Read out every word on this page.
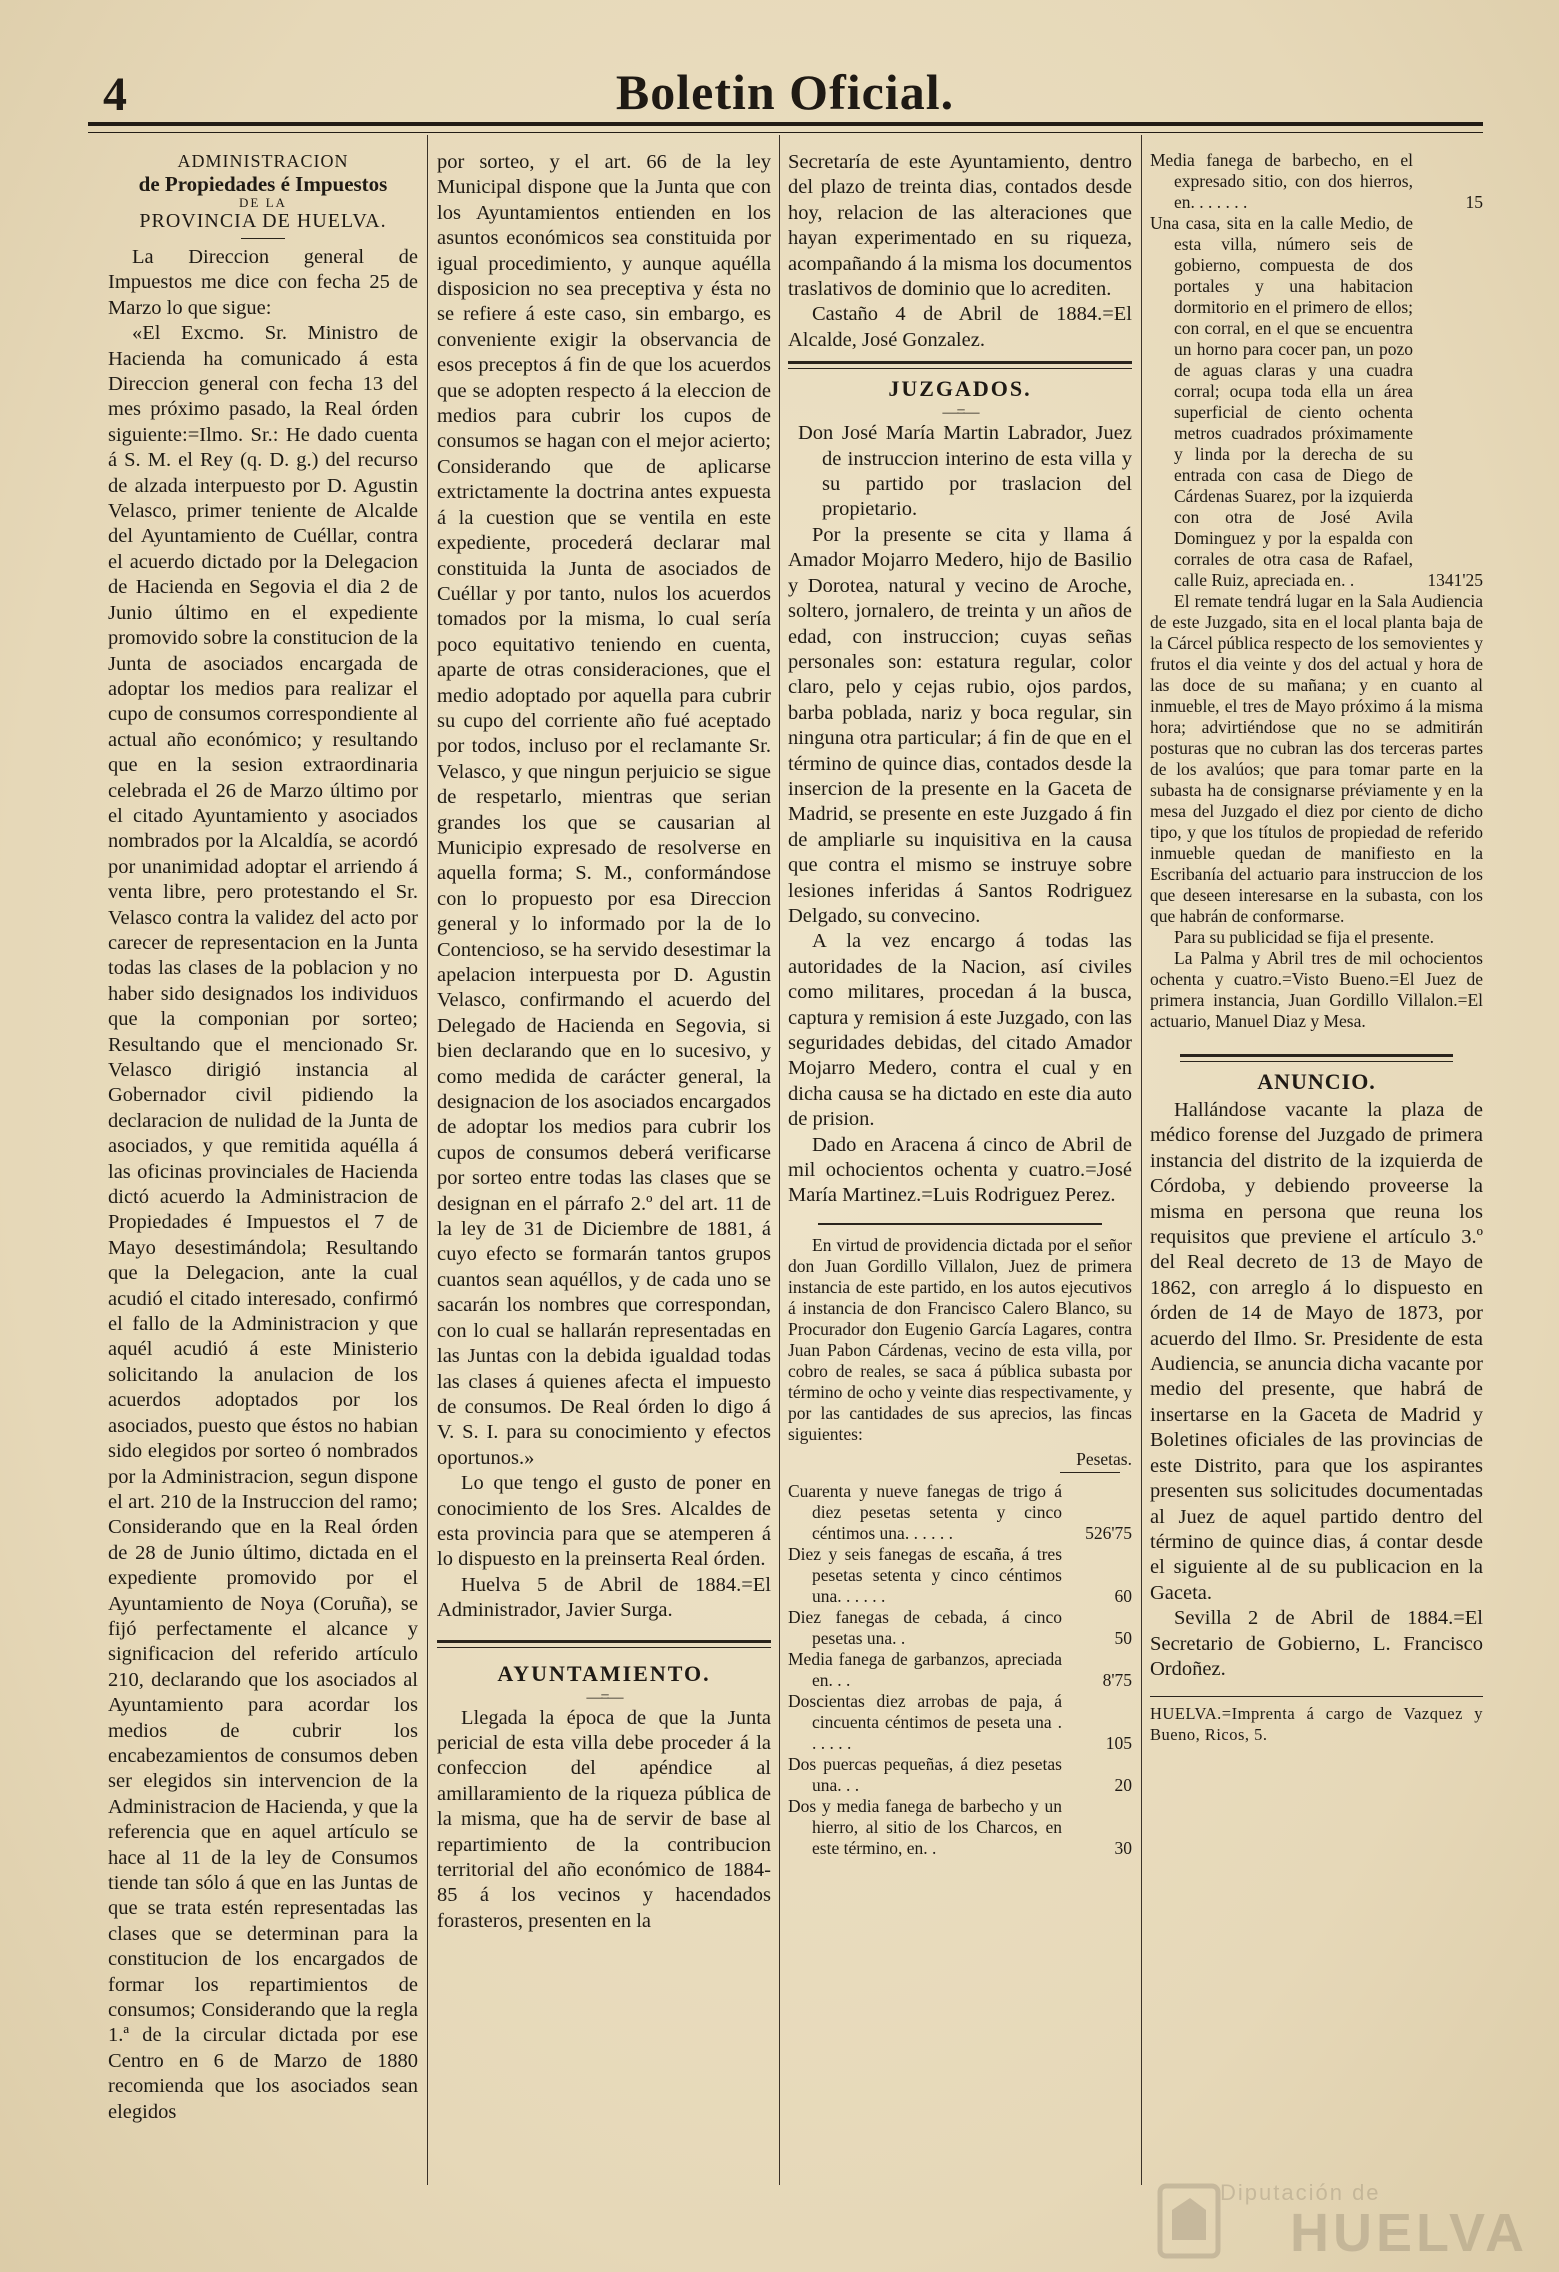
4	Boletin Oficial.
ADMINISTRACION
de Propiedades é Impuestos
DE LA
PROVINCIA DE HUELVA.

La Direccion general de Impuestos me dice con fecha 25 de Marzo lo que sigue:

«El Excmo. Sr. Ministro de Hacienda ha comunicado á esta Direccion general con fecha 13 del mes próximo pasado, la Real órden siguiente:=Ilmo. Sr.: He dado cuenta á S. M. el Rey (q. D. g.) del recurso de alzada interpuesto por D. Agustin Velasco, primer teniente de Alcalde del Ayuntamiento de Cuéllar, contra el acuerdo dictado por la Delegacion de Hacienda en Segovia el dia 2 de Junio último en el expediente promovido sobre la constitucion de la Junta de asociados encargada de adoptar los medios para realizar el cupo de consumos correspondiente al actual año económico; y resultando que en la sesion extraordinaria celebrada el 26 de Marzo último por el citado Ayuntamiento y asociados nombrados por la Alcaldía, se acordó por unanimidad adoptar el arriendo á venta libre, pero protestando el Sr. Velasco contra la validez del acto por carecer de representacion en la Junta todas las clases de la poblacion y no haber sido designados los individuos que la componian por sorteo; Resultando que el mencionado Sr. Velasco dirigió instancia al Gobernador civil pidiendo la declaracion de nulidad de la Junta de asociados, y que remitida aquélla á las oficinas provinciales de Hacienda dictó acuerdo la Administracion de Propiedades é Impuestos el 7 de Mayo desestimándola; Resultando que la Delegacion, ante la cual acudió el citado interesado, confirmó el fallo de la Administracion y que aquél acudió á este Ministerio solicitando la anulacion de los acuerdos adoptados por los asociados, puesto que éstos no habian sido elegidos por sorteo ó nombrados por la Administracion, segun dispone el art. 210 de la Instruccion del ramo; Considerando que en la Real órden de 28 de Junio último, dictada en el expediente promovido por el Ayuntamiento de Noya (Coruña), se fijó perfectamente el alcance y significacion del referido artículo 210, declarando que los asociados al Ayuntamiento para acordar los medios de cubrir los encabezamientos de consumos deben ser elegidos sin intervencion de la Administracion de Hacienda, y que la referencia que en aquel artículo se hace al 11 de la ley de Consumos tiende tan sólo á que en las Juntas de que se trata estén representadas las clases que se determinan para la constitucion de los encargados de formar los repartimientos de consumos; Considerando que la regla 1.ª de la circular dictada por ese Centro en 6 de Marzo de 1880 recomienda que los asociados sean elegidos

por sorteo, y el art. 66 de la ley Municipal dispone que la Junta que con los Ayuntamientos entienden en los asuntos económicos sea constituida por igual procedimiento, y aunque aquélla disposicion no sea preceptiva y ésta no se refiere á este caso, sin embargo, es conveniente exigir la observancia de esos preceptos á fin de que los acuerdos que se adopten respecto á la eleccion de medios para cubrir los cupos de consumos se hagan con el mejor acierto; Considerando que de aplicarse extrictamente la doctrina antes expuesta á la cuestion que se ventila en este expediente, procederá declarar mal constituida la Junta de asociados de Cuéllar y por tanto, nulos los acuerdos tomados por la misma, lo cual sería poco equitativo teniendo en cuenta, aparte de otras consideraciones, que el medio adoptado por aquella para cubrir su cupo del corriente año fué aceptado por todos, incluso por el reclamante Sr. Velasco, y que ningun perjuicio se sigue de respetarlo, mientras que serian grandes los que se causarian al Municipio expresado de resolverse en aquella forma; S. M., conformándose con lo propuesto por esa Direccion general y lo informado por la de lo Contencioso, se ha servido desestimar la apelacion interpuesta por D. Agustin Velasco, confirmando el acuerdo del Delegado de Hacienda en Segovia, si bien declarando que en lo sucesivo, y como medida de carácter general, la designacion de los asociados encargados de adoptar los medios para cubrir los cupos de consumos deberá verificarse por sorteo entre todas las clases que se designan en el párrafo 2.º del art. 11 de la ley de 31 de Diciembre de 1881, á cuyo efecto se formarán tantos grupos cuantos sean aquéllos, y de cada uno se sacarán los nombres que correspondan, con lo cual se hallarán representadas en las Juntas con la debida igualdad todas las clases á quienes afecta el impuesto de consumos. De Real órden lo digo á V. S. I. para su conocimiento y efectos oportunos.»

Lo que tengo el gusto de poner en conocimiento de los Sres. Alcaldes de esta provincia para que se atemperen á lo dispuesto en la preinserta Real órden.

Huelva 5 de Abril de 1884.=El Administrador, Javier Surga.

AYUNTAMIENTO.
—=—

Llegada la época de que la Junta pericial de esta villa debe proceder á la confeccion del apéndice al amillaramiento de la riqueza pública de la misma, que ha de servir de base al repartimiento de la contribucion territorial del año económico de 1884-85 á los vecinos y hacendados forasteros, presenten en la

Secretaría de este Ayuntamiento, dentro del plazo de treinta dias, contados desde hoy, relacion de las alteraciones que hayan experimentado en su riqueza, acompañando á la misma los documentos traslativos de dominio que lo acrediten.

Castaño 4 de Abril de 1884.=El Alcalde, José Gonzalez.

JUZGADOS.
—=—

Don José María Martin Labrador, Juez de instruccion interino de esta villa y su partido por traslacion del propietario.

Por la presente se cita y llama á Amador Mojarro Medero, hijo de Basilio y Dorotea, natural y vecino de Aroche, soltero, jornalero, de treinta y un años de edad, con instruccion; cuyas señas personales son: estatura regular, color claro, pelo y cejas rubio, ojos pardos, barba poblada, nariz y boca regular, sin ninguna otra particular; á fin de que en el término de quince dias, contados desde la insercion de la presente en la Gaceta de Madrid, se presente en este Juzgado á fin de ampliarle su inquisitiva en la causa que contra el mismo se instruye sobre lesiones inferidas á Santos Rodriguez Delgado, su convecino.

A la vez encargo á todas las autoridades de la Nacion, así civiles como militares, procedan á la busca, captura y remision á este Juzgado, con las seguridades debidas, del citado Amador Mojarro Medero, contra el cual y en dicha causa se ha dictado en este dia auto de prision.

Dado en Aracena á cinco de Abril de mil ochocientos ochenta y cuatro.=José María Martinez.=Luis Rodriguez Perez.

En virtud de providencia dictada por el señor don Juan Gordillo Villalon, Juez de primera instancia de este partido, en los autos ejecutivos á instancia de don Francisco Calero Blanco, su Procurador don Eugenio García Lagares, contra Juan Pabon Cárdenas, vecino de esta villa, por cobro de reales, se saca á pública subasta por término de ocho y veinte dias respectivamente, y por las cantidades de sus aprecios, las fincas siguientes:

Pesetas.
Cuarenta y nueve fanegas de trigo á diez pesetas setenta y cinco céntimos una. . . . . .	526'75
Diez y seis fanegas de escaña, á tres pesetas setenta y cinco céntimos una. . . . . .	60
Diez fanegas de cebada, á cinco pesetas una. .	50
Media fanega de garbanzos, apreciada en. . .	8'75
Doscientas diez arrobas de paja, á cincuenta céntimos de peseta una . . . . . .	105
Dos puercas pequeñas, á diez pesetas una. . .	20
Dos y media fanega de barbecho y un hierro, al sitio de los Charcos, en este término, en. .	30
Media fanega de barbecho, en el expresado sitio, con dos hierros, en. . . . . . .	15
Una casa, sita en la calle Medio, de esta villa, número seis de gobierno, compuesta de dos portales y una habitacion dormitorio en el primero de ellos; con corral, en el que se encuentra un horno para cocer pan, un pozo de aguas claras y una cuadra corral; ocupa toda ella un área superficial de ciento ochenta metros cuadrados próximamente y linda por la derecha de su entrada con casa de Diego de Cárdenas Suarez, por la izquierda con otra de José Avila Dominguez y por la espalda con corrales de otra casa de Rafael, calle Ruiz, apreciada en. .	1341'25

El remate tendrá lugar en la Sala Audiencia de este Juzgado, sita en el local planta baja de la Cárcel pública respecto de los semovientes y frutos el dia veinte y dos del actual y hora de las doce de su mañana; y en cuanto al inmueble, el tres de Mayo próximo á la misma hora; advirtiéndose que no se admitirán posturas que no cubran las dos terceras partes de los avalúos; que para tomar parte en la subasta ha de consignarse préviamente y en la mesa del Juzgado el diez por ciento de dicho tipo, y que los títulos de propiedad de referido inmueble quedan de manifiesto en la Escribanía del actuario para instruccion de los que deseen interesarse en la subasta, con los que habrán de conformarse.

Para su publicidad se fija el presente.

La Palma y Abril tres de mil ochocientos ochenta y cuatro.=Visto Bueno.=El Juez de primera instancia, Juan Gordillo Villalon.=El actuario, Manuel Diaz y Mesa.

ANUNCIO.

Hallándose vacante la plaza de médico forense del Juzgado de primera instancia del distrito de la izquierda de Córdoba, y debiendo proveerse la misma en persona que reuna los requisitos que previene el artículo 3.º del Real decreto de 13 de Mayo de 1862, con arreglo á lo dispuesto en órden de 14 de Mayo de 1873, por acuerdo del Ilmo. Sr. Presidente de esta Audiencia, se anuncia dicha vacante por medio del presente, que habrá de insertarse en la Gaceta de Madrid y Boletines oficiales de las provincias de este Distrito, para que los aspirantes presenten sus solicitudes documentadas al Juez de aquel partido dentro del término de quince dias, á contar desde el siguiente al de su publicacion en la Gaceta.

Sevilla 2 de Abril de 1884.=El Secretario de Gobierno, L. Francisco Ordoñez.

HUELVA.=Imprenta á cargo de Vazquez y Bueno, Ricos, 5.
Diputación de
HUELVA
